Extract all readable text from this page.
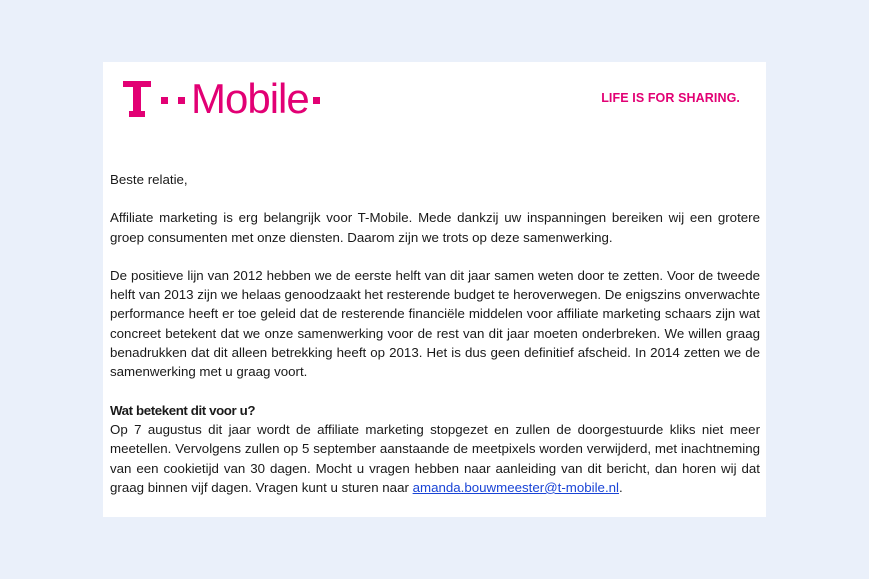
Mobile	LIFE IS FOR SHARING.

Beste relatie,

Affiliate marketing is erg belangrijk voor T-Mobile. Mede dankzij uw inspanningen bereiken wij een grotere groep consumenten met onze diensten. Daarom zijn we trots op deze samenwerking.

De positieve lijn van 2012 hebben we de eerste helft van dit jaar samen weten door te zetten. Voor de tweede helft van 2013 zijn we helaas genoodzaakt het resterende budget te heroverwegen. De enigszins onverwachte performance heeft er toe geleid dat de resterende financiële middelen voor affiliate marketing schaars zijn wat concreet betekent dat we onze samenwerking voor de rest van dit jaar moeten onderbreken. We willen graag benadrukken dat dit alleen betrekking heeft op 2013. Het is dus geen definitief afscheid. In 2014 zetten we de samenwerking met u graag voort.

Wat betekent dit voor u?

Op 7 augustus dit jaar wordt de affiliate marketing stopgezet en zullen de doorgestuurde kliks niet meer meetellen. Vervolgens zullen op 5 september aanstaande de meetpixels worden verwijderd, met inachtneming van een cookietijd van 30 dagen. Mocht u vragen hebben naar aanleiding van dit bericht, dan horen wij dat graag binnen vijf dagen. Vragen kunt u sturen naar amanda.bouwmeester@t-mobile.nl.
